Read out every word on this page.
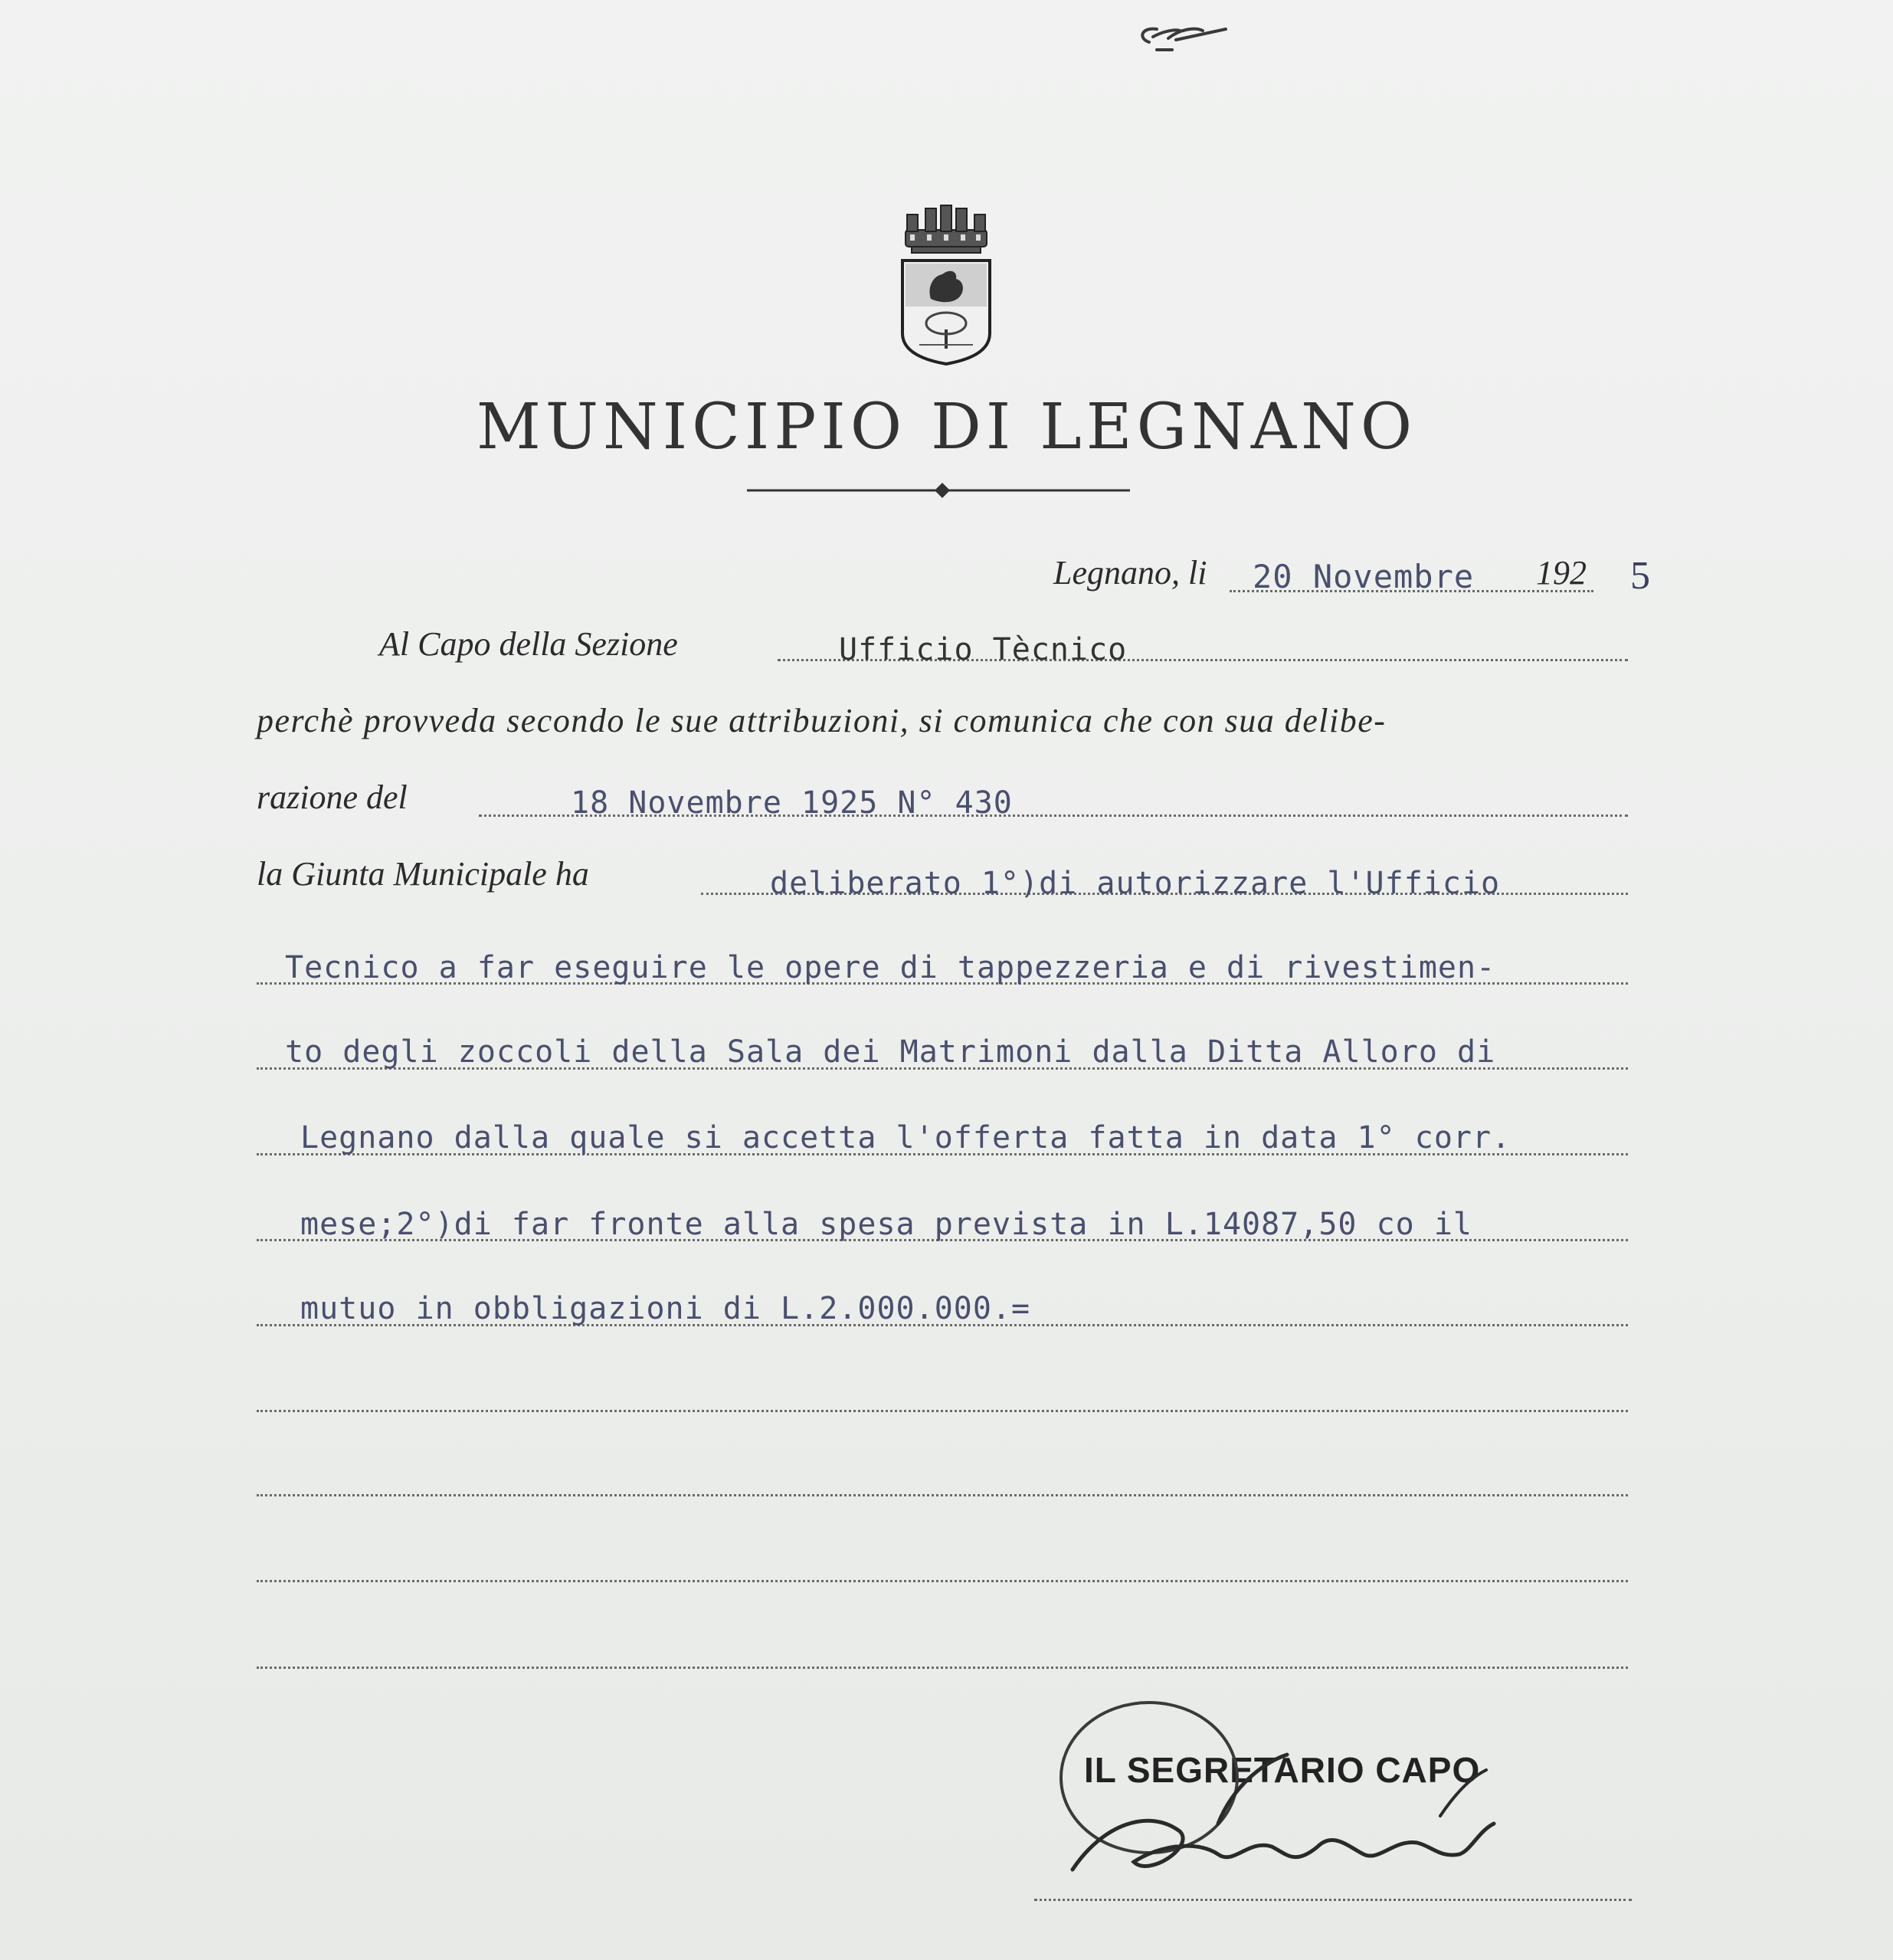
MUNICIPIO DI LEGNANO
Legnano, li 20 Novembre 192 5
Al Capo della Sezione	Ufficio Tècnico
perchè provveda secondo le sue attribuzioni, si comunica che con sua delibe-
razione del	18 Novembre 1925 N° 430
la Giunta Municipale ha	deliberato 1°)di autorizzare l'Ufficio
Tecnico a far eseguire le opere di tappezzeria e di rivestimen-
to degli zoccoli della Sala dei Matrimoni dalla Ditta Alloro di
Legnano dalla quale si accetta l'offerta fatta in data 1° corr.
mese;2°)di far fronte alla spesa prevista in L.14087,50 co il
mutuo in obbligazioni di L.2.000.000.=
IL SEGRETARIO CAPO
